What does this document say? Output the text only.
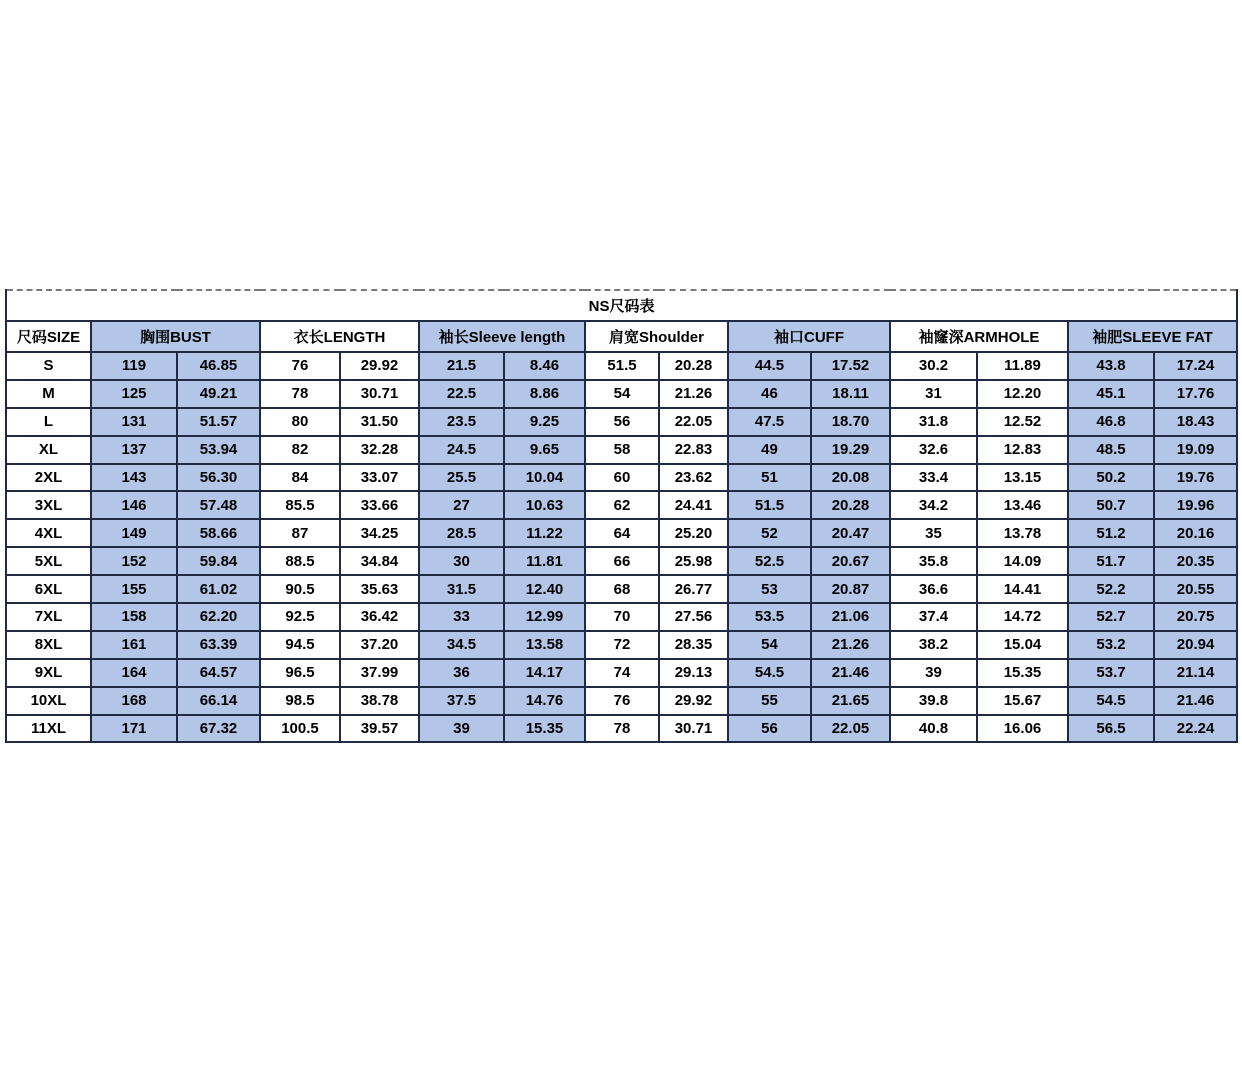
NS尺码表														
尺码SIZE	胸围BUST		衣长LENGTH		袖长Sleeve length		肩宽Shoulder		袖口CUFF		袖窿深ARMHOLE		袖肥SLEEVE FAT	
S	119	46.85	76	29.92	21.5	8.46	51.5	20.28	44.5	17.52	30.2	11.89	43.8	17.24
M	125	49.21	78	30.71	22.5	8.86	54	21.26	46	18.11	31	12.20	45.1	17.76
L	131	51.57	80	31.50	23.5	9.25	56	22.05	47.5	18.70	31.8	12.52	46.8	18.43
XL	137	53.94	82	32.28	24.5	9.65	58	22.83	49	19.29	32.6	12.83	48.5	19.09
2XL	143	56.30	84	33.07	25.5	10.04	60	23.62	51	20.08	33.4	13.15	50.2	19.76
3XL	146	57.48	85.5	33.66	27	10.63	62	24.41	51.5	20.28	34.2	13.46	50.7	19.96
4XL	149	58.66	87	34.25	28.5	11.22	64	25.20	52	20.47	35	13.78	51.2	20.16
5XL	152	59.84	88.5	34.84	30	11.81	66	25.98	52.5	20.67	35.8	14.09	51.7	20.35
6XL	155	61.02	90.5	35.63	31.5	12.40	68	26.77	53	20.87	36.6	14.41	52.2	20.55
7XL	158	62.20	92.5	36.42	33	12.99	70	27.56	53.5	21.06	37.4	14.72	52.7	20.75
8XL	161	63.39	94.5	37.20	34.5	13.58	72	28.35	54	21.26	38.2	15.04	53.2	20.94
9XL	164	64.57	96.5	37.99	36	14.17	74	29.13	54.5	21.46	39	15.35	53.7	21.14
10XL	168	66.14	98.5	38.78	37.5	14.76	76	29.92	55	21.65	39.8	15.67	54.5	21.46
11XL	171	67.32	100.5	39.57	39	15.35	78	30.71	56	22.05	40.8	16.06	56.5	22.24
